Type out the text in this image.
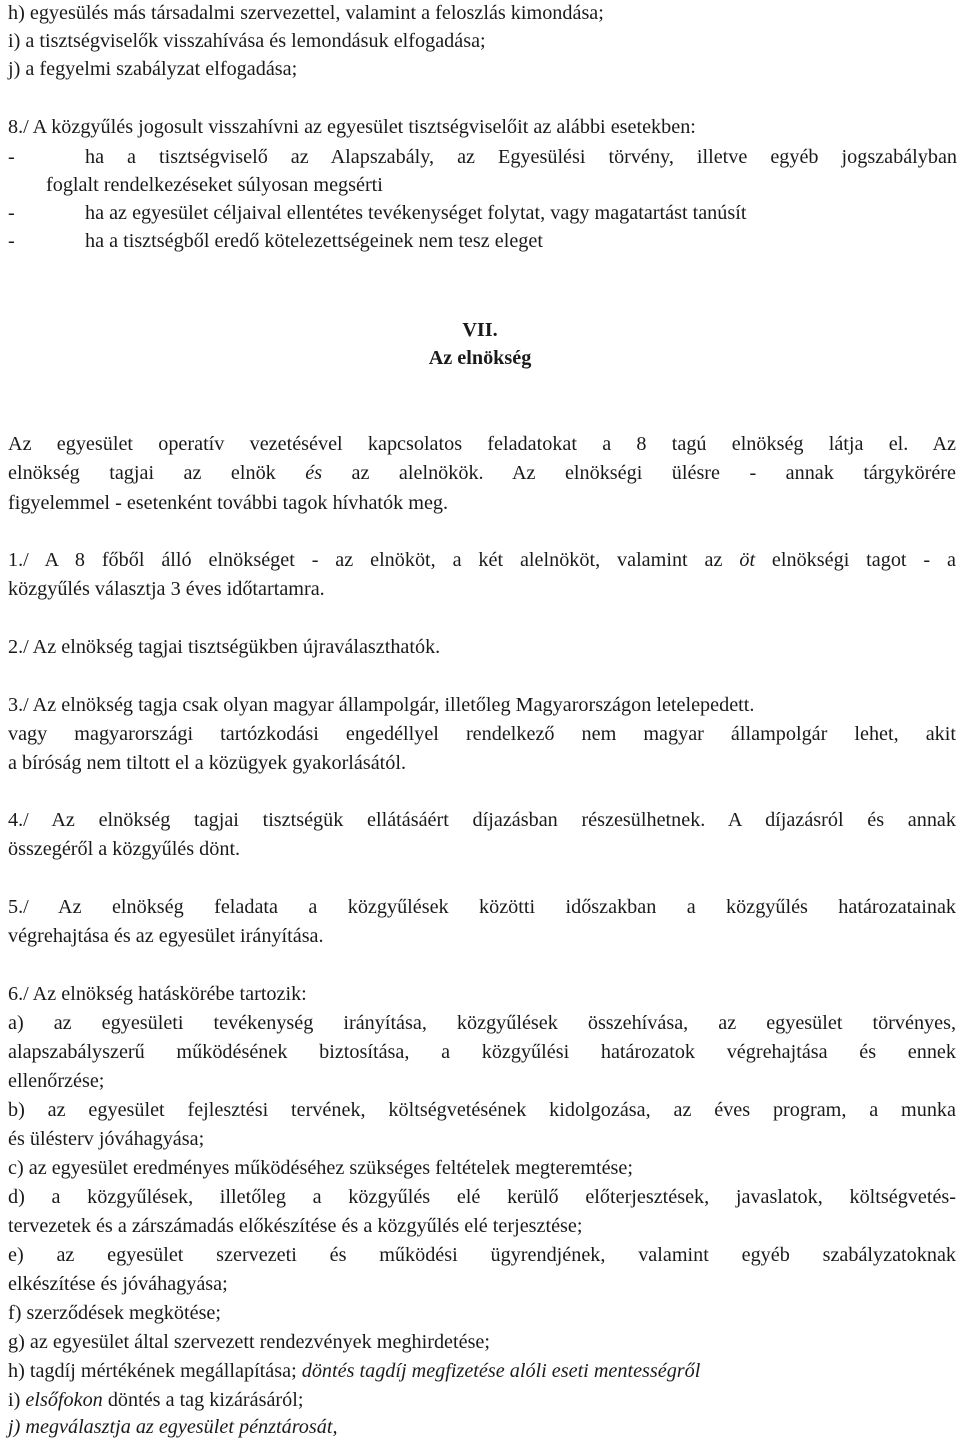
h) egyesülés más társadalmi szervezettel, valamint a feloszlás kimondása;
i) a tisztségviselők visszahívása és lemondásuk elfogadása;
j) a fegyelmi szabályzat elfogadása;
8./ A közgyűlés jogosult visszahívni az egyesület tisztségviselőit az alábbi esetekben:
-	ha a tisztségviselő az Alapszabály, az Egyesülési törvény, illetve egyéb jogszabályban
foglalt rendelkezéseket súlyosan megsérti
-	ha az egyesület céljaival ellentétes tevékenységet folytat, vagy magatartást tanúsít
-	ha a tisztségből eredő kötelezettségeinek nem tesz eleget
VII.
Az elnökség
Az egyesület operatív vezetésével kapcsolatos feladatokat a 8 tagú elnökség látja el. Az
elnökség tagjai az elnök és az alelnökök. Az elnökségi ülésre - annak tárgykörére
figyelemmel - esetenként további tagok hívhatók meg.
1./ A 8 főből álló elnökséget - az elnököt, a két alelnököt, valamint az öt elnökségi tagot - a
közgyűlés választja 3 éves időtartamra.
2./ Az elnökség tagjai tisztségükben újraválaszthatók.
3./ Az elnökség tagja csak olyan magyar állampolgár, illetőleg Magyarországon letelepedett.
vagy magyarországi tartózkodási engedéllyel rendelkező nem magyar állampolgár lehet, akit
a bíróság nem tiltott el a közügyek gyakorlásától.
4./ Az elnökség tagjai tisztségük ellátásáért díjazásban részesülhetnek. A díjazásról és annak
összegéről a közgyűlés dönt.
5./ Az elnökség feladata a közgyűlések közötti időszakban a közgyűlés határozatainak
végrehajtása és az egyesület irányítása.
6./ Az elnökség hatáskörébe tartozik:
a) az egyesületi tevékenység irányítása, közgyűlések összehívása, az egyesület törvényes,
alapszabályszerű működésének biztosítása, a közgyűlési határozatok végrehajtása és ennek
ellenőrzése;
b) az egyesület fejlesztési tervének, költségvetésének kidolgozása, az éves program, a munka
és ülésterv jóváhagyása;
c) az egyesület eredményes működéséhez szükséges feltételek megteremtése;
d) a közgyűlések, illetőleg a közgyűlés elé kerülő előterjesztések, javaslatok, költségvetés-
tervezetek és a zárszámadás előkészítése és a közgyűlés elé terjesztése;
e) az egyesület szervezeti és működési ügyrendjének, valamint egyéb szabályzatoknak
elkészítése és jóváhagyása;
f) szerződések megkötése;
g) az egyesület által szervezett rendezvények meghirdetése;
h) tagdíj mértékének megállapítása; döntés tagdíj megfizetése alóli eseti mentességről
i) elsőfokon döntés a tag kizárásáról;
j) megválasztja az egyesület pénztárosát,
